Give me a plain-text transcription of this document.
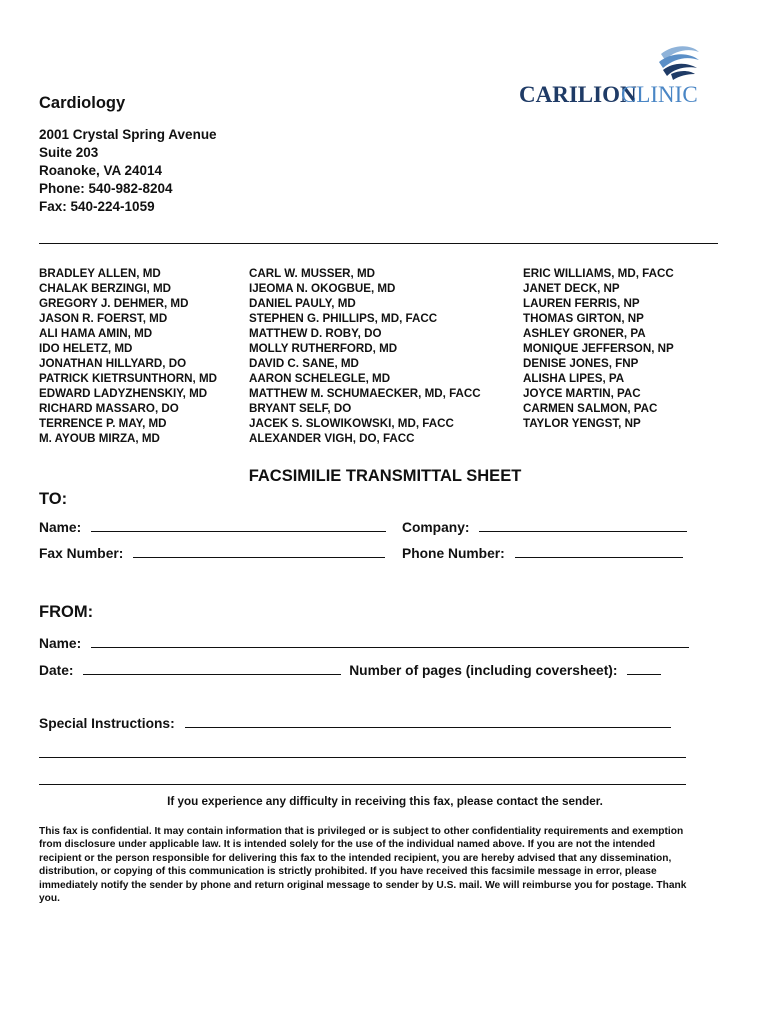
Cardiology
2001 Crystal Spring Avenue
Suite 203
Roanoke, VA 24014
Phone: 540-982-8204
Fax: 540-224-1059
CARILION
CLINIC
BRADLEY ALLEN, MD
CHALAK BERZINGI, MD
GREGORY J. DEHMER, MD
JASON R. FOERST, MD
ALI HAMA AMIN, MD
IDO HELETZ, MD
JONATHAN HILLYARD, DO
PATRICK KIETRSUNTHORN, MD
EDWARD LADYZHENSKIY, MD
RICHARD MASSARO, DO
TERRENCE P. MAY, MD
M. AYOUB MIRZA, MD
CARL W. MUSSER, MD
IJEOMA N. OKOGBUE, MD
DANIEL PAULY, MD
STEPHEN G. PHILLIPS, MD, FACC
MATTHEW D. ROBY, DO
MOLLY RUTHERFORD, MD
DAVID C. SANE, MD
AARON SCHELEGLE, MD
MATTHEW M. SCHUMAECKER, MD, FACC
BRYANT SELF, DO
JACEK S. SLOWIKOWSKI, MD, FACC
ALEXANDER VIGH, DO, FACC
ERIC WILLIAMS, MD, FACC
JANET DECK, NP
LAUREN FERRIS, NP
THOMAS GIRTON, NP
ASHLEY GRONER, PA
MONIQUE JEFFERSON, NP
DENISE JONES, FNP
ALISHA LIPES, PA
JOYCE MARTIN, PAC
CARMEN SALMON, PAC
TAYLOR YENGST, NP
FACSIMILIE TRANSMITTAL SHEET
TO:
Name:	Company:
Fax Number:	Phone Number:
FROM:
Name:
Date:	Number of pages (including coversheet):
Special Instructions:
If you experience any difficulty in receiving this fax, please contact the sender.
This fax is confidential. It may contain information that is privileged or is subject to other confidentiality requirements and exemption from disclosure under applicable law. It is intended solely for the use of the individual named above. If you are not the intended recipient or the person responsible for delivering this fax to the intended recipient, you are hereby advised that any dissemination, distribution, or copying of this communication is strictly prohibited. If you have received this facsimile message in error, please immediately notify the sender by phone and return original message to sender by U.S. mail. We will reimburse you for postage. Thank you.
